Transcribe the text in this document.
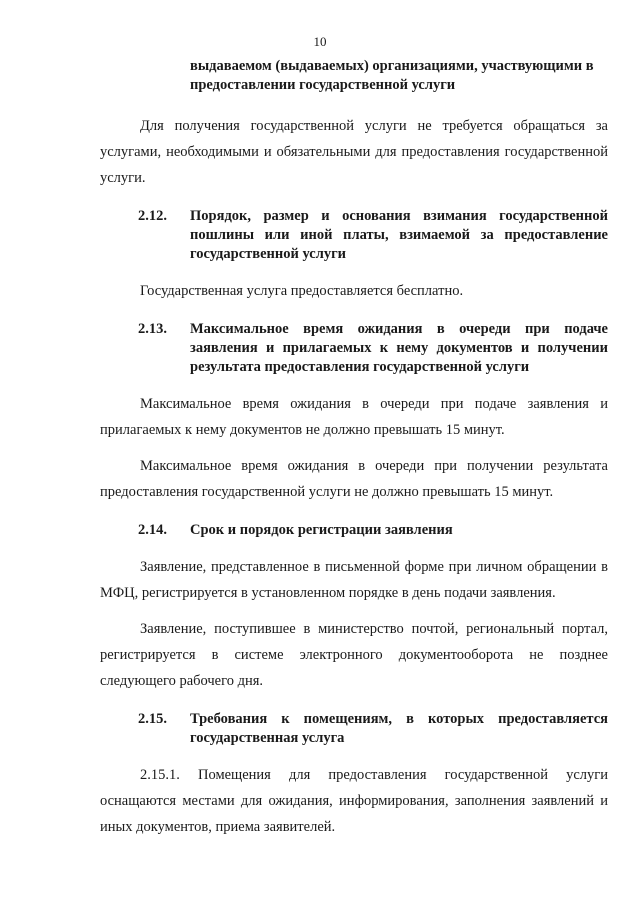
10

выдаваемом (выдаваемых) организациями, участвующими в предоставлении государственной услуги

Для получения государственной услуги не требуется обращаться за услугами, необходимыми и обязательными для предоставления государственной услуги.

2.12.	Порядок, размер и основания взимания государственной пошлины или иной платы, взимаемой за предоставление государственной услуги

Государственная услуга предоставляется бесплатно.

2.13.	Максимальное время ожидания в очереди при подаче заявления и прилагаемых к нему документов и получении результата предоставления государственной услуги

Максимальное время ожидания в очереди при подаче заявления и прилагаемых к нему документов не должно превышать 15 минут.

Максимальное время ожидания в очереди при получении результата предоставления государственной услуги не должно превышать 15 минут.

2.14.	Срок и порядок регистрации заявления

Заявление, представленное в письменной форме при личном обращении в МФЦ, регистрируется в установленном порядке в день подачи заявления.

Заявление, поступившее в министерство почтой, региональный портал, регистрируется в системе электронного документооборота не позднее следующего рабочего дня.

2.15.	Требования к помещениям, в которых предоставляется государственная услуга

2.15.1. Помещения для предоставления государственной услуги оснащаются местами для ожидания, информирования, заполнения заявлений и иных документов, приема заявителей.
